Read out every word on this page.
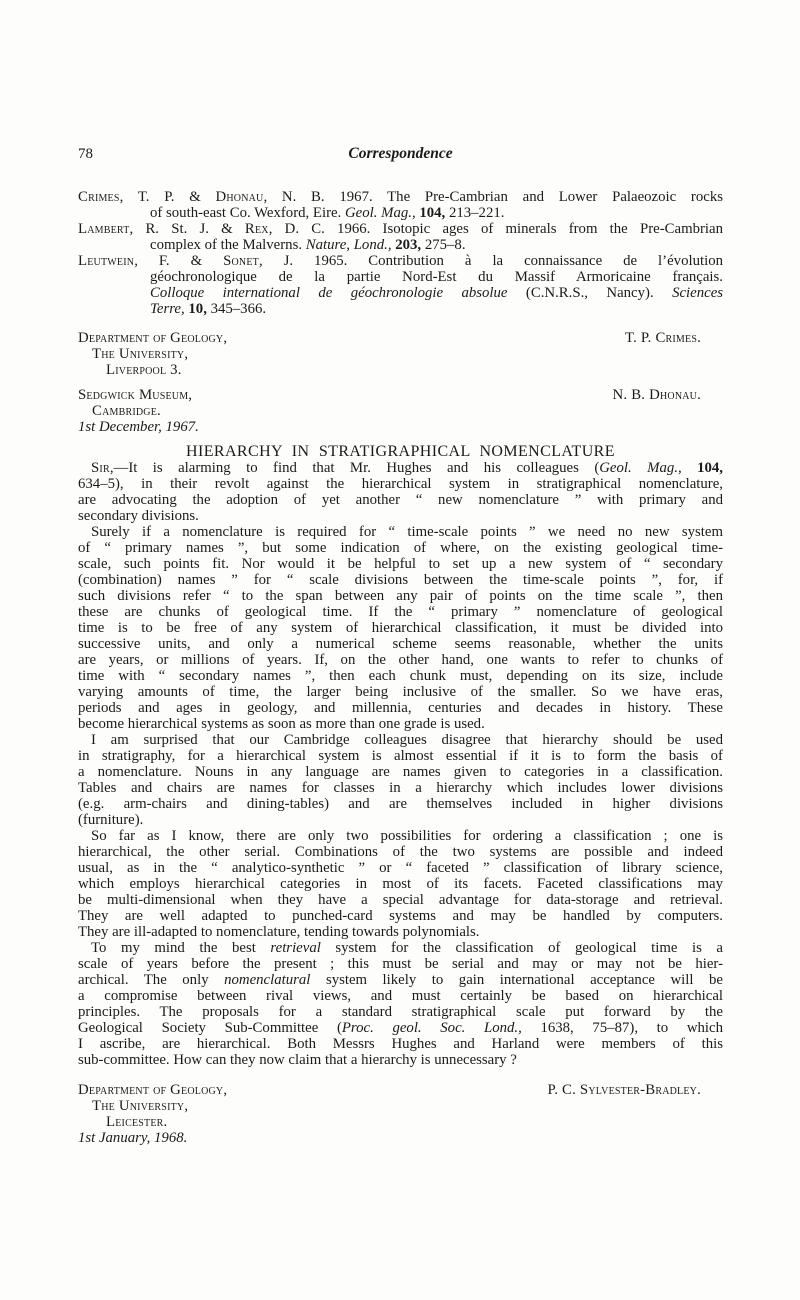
78	Correspondence
Crimes, T. P. & Dhonau, N. B. 1967. The Pre-Cambrian and Lower Palaeozoic rocks
of south-east Co. Wexford, Eire. Geol. Mag., 104, 213–221.
Lambert, R. St. J. & Rex, D. C. 1966. Isotopic ages of minerals from the Pre-Cambrian
complex of the Malverns. Nature, Lond., 203, 275–8.
Leutwein, F. & Sonet, J. 1965. Contribution à la connaissance de l’évolution
géochronologique de la partie Nord-Est du Massif Armoricaine français.
Colloque international de géochronologie absolue (C.N.R.S., Nancy). Sciences
Terre, 10, 345–366.
T. P. Crimes.
Department of Geology,
The University,
Liverpool 3.
N. B. Dhonau.
Sedgwick Museum,
Cambridge.
1st December, 1967.
HIERARCHY IN STRATIGRAPHICAL NOMENCLATURE
Sir,—It is alarming to find that Mr. Hughes and his colleagues (Geol. Mag., 104,
634–5), in their revolt against the hierarchical system in stratigraphical nomenclature,
are advocating the adoption of yet another “ new nomenclature ” with primary and
secondary divisions.
Surely if a nomenclature is required for “ time-scale points ” we need no new system
of “ primary names ”, but some indication of where, on the existing geological time-
scale, such points fit. Nor would it be helpful to set up a new system of “ secondary
(combination) names ” for “ scale divisions between the time-scale points ”, for, if
such divisions refer “ to the span between any pair of points on the time scale ”, then
these are chunks of geological time. If the “ primary ” nomenclature of geological
time is to be free of any system of hierarchical classification, it must be divided into
successive units, and only a numerical scheme seems reasonable, whether the units
are years, or millions of years. If, on the other hand, one wants to refer to chunks of
time with “ secondary names ”, then each chunk must, depending on its size, include
varying amounts of time, the larger being inclusive of the smaller. So we have eras,
periods and ages in geology, and millennia, centuries and decades in history. These
become hierarchical systems as soon as more than one grade is used.
I am surprised that our Cambridge colleagues disagree that hierarchy should be used
in stratigraphy, for a hierarchical system is almost essential if it is to form the basis of
a nomenclature. Nouns in any language are names given to categories in a classification.
Tables and chairs are names for classes in a hierarchy which includes lower divisions
(e.g. arm-chairs and dining-tables) and are themselves included in higher divisions
(furniture).
So far as I know, there are only two possibilities for ordering a classification ; one is
hierarchical, the other serial. Combinations of the two systems are possible and indeed
usual, as in the “ analytico-synthetic ” or “ faceted ” classification of library science,
which employs hierarchical categories in most of its facets. Faceted classifications may
be multi-dimensional when they have a special advantage for data-storage and retrieval.
They are well adapted to punched-card systems and may be handled by computers.
They are ill-adapted to nomenclature, tending towards polynomials.
To my mind the best retrieval system for the classification of geological time is a
scale of years before the present ; this must be serial and may or may not be hier-
archical. The only nomenclatural system likely to gain international acceptance will be
a compromise between rival views, and must certainly be based on hierarchical
principles. The proposals for a standard stratigraphical scale put forward by the
Geological Society Sub-Committee (Proc. geol. Soc. Lond., 1638, 75–87), to which
I ascribe, are hierarchical. Both Messrs Hughes and Harland were members of this
sub-committee. How can they now claim that a hierarchy is unnecessary ?
P. C. Sylvester-Bradley.
Department of Geology,
The University,
Leicester.
1st January, 1968.
